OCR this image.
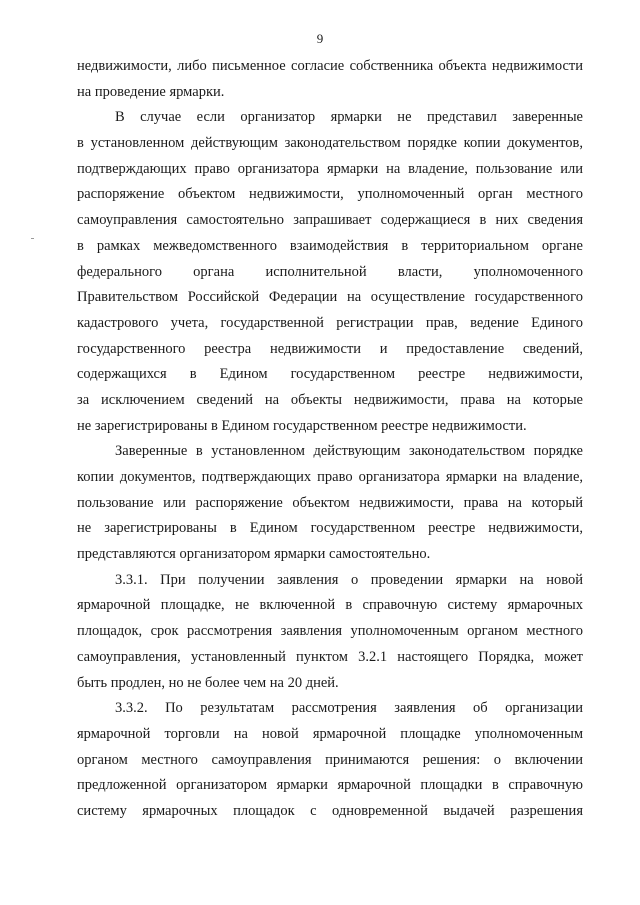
9
недвижимости, либо письменное согласие собственника объекта недвижимости
на проведение ярмарки.
В случае если организатор ярмарки не представил заверенные
в установленном действующим законодательством порядке копии документов,
подтверждающих право организатора ярмарки на владение, пользование или
распоряжение объектом недвижимости, уполномоченный орган местного
самоуправления самостоятельно запрашивает содержащиеся в них сведения
в рамках межведомственного взаимодействия в территориальном органе
федерального органа исполнительной власти, уполномоченного
Правительством Российской Федерации на осуществление государственного
кадастрового учета, государственной регистрации прав, ведение Единого
государственного реестра недвижимости и предоставление сведений,
содержащихся в Едином государственном реестре недвижимости,
за исключением сведений на объекты недвижимости, права на которые
не зарегистрированы в Едином государственном реестре недвижимости.
Заверенные в установленном действующим законодательством порядке
копии документов, подтверждающих право организатора ярмарки на владение,
пользование или распоряжение объектом недвижимости, права на который
не зарегистрированы в Едином государственном реестре недвижимости,
представляются организатором ярмарки самостоятельно.
3.3.1. При получении заявления о проведении ярмарки на новой
ярмарочной площадке, не включенной в справочную систему ярмарочных
площадок, срок рассмотрения заявления уполномоченным органом местного
самоуправления, установленный пунктом 3.2.1 настоящего Порядка, может
быть продлен, но не более чем на 20 дней.
3.3.2. По результатам рассмотрения заявления об организации
ярмарочной торговли на новой ярмарочной площадке уполномоченным
органом местного самоуправления принимаются решения: о включении
предложенной организатором ярмарки ярмарочной площадки в справочную
систему ярмарочных площадок с одновременной выдачей разрешения
